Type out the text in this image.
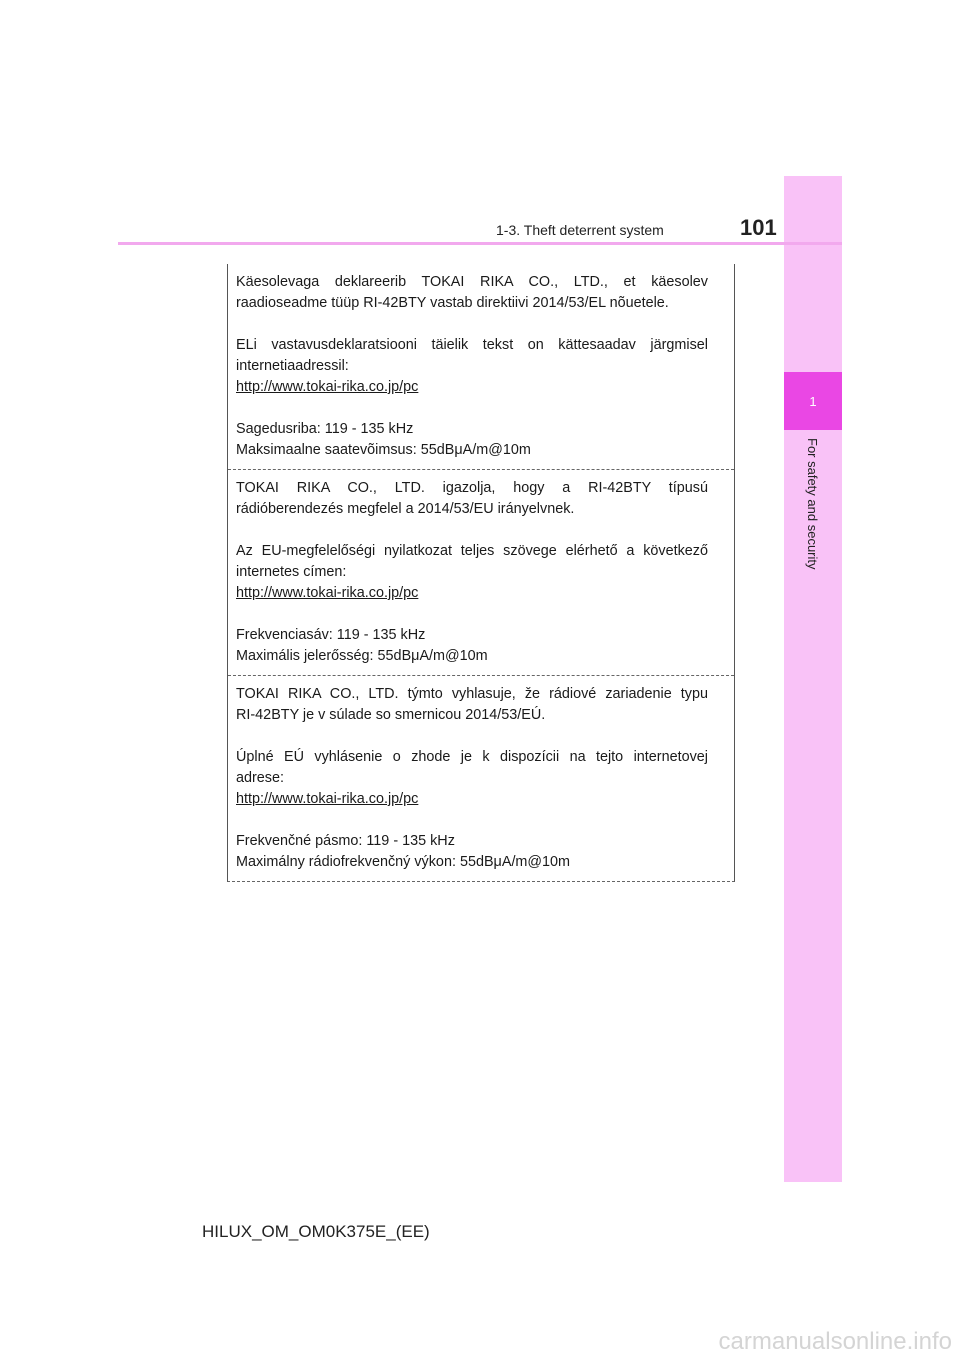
1
For safety and security
1-3. Theft deterrent system	101

Käesolevaga deklareerib TOKAI RIKA CO., LTD., et käesolev

raadioseadme tüüp RI-42BTY vastab direktiivi 2014/53/EL nõuetele.

ELi vastavusdeklaratsiooni täielik tekst on kättesaadav järgmisel

internetiaadressil:

http://www.tokai-rika.co.jp/pc

Sagedusriba: 119 - 135 kHz

Maksimaalne saatevõimsus: 55dBμA/m@10m

TOKAI RIKA CO., LTD. igazolja, hogy a RI-42BTY típusú

rádióberendezés megfelel a 2014/53/EU irányelvnek.

Az EU-megfelelőségi nyilatkozat teljes szövege elérhető a következő

internetes címen:

http://www.tokai-rika.co.jp/pc

Frekvenciasáv: 119 - 135 kHz

Maximális jelerősség: 55dBμA/m@10m

TOKAI RIKA CO., LTD. týmto vyhlasuje, že rádiové zariadenie typu

RI-42BTY je v súlade so smernicou 2014/53/EÚ.

Úplné EÚ vyhlásenie o zhode je k dispozícii na tejto internetovej

adrese:

http://www.tokai-rika.co.jp/pc

Frekvenčné pásmo: 119 - 135 kHz

Maximálny rádiofrekvenčný výkon: 55dBμA/m@10m

HILUX_OM_OM0K375E_(EE)
carmanualsonline.info
